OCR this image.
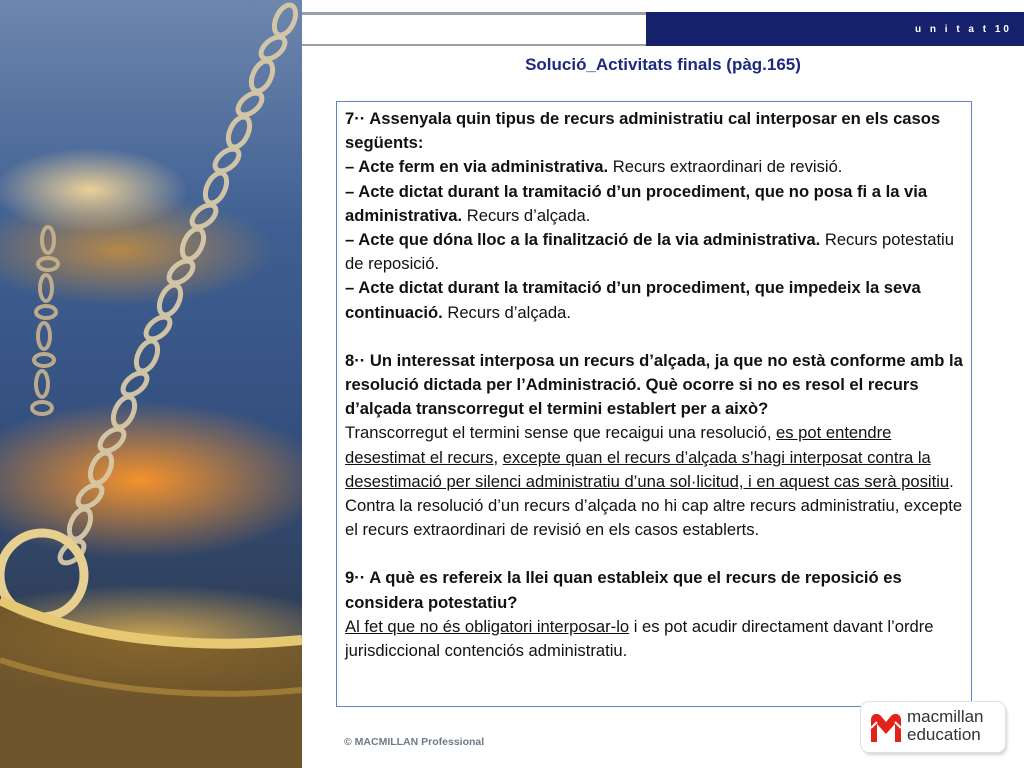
u n i t a t 10
Solució_Activitats finals (pàg.165)

7·· Assenyala quin tipus de recurs administratiu cal interposar en els casos següents:

– Acte ferm en via administrativa. Recurs extraordinari de revisió.

– Acte dictat durant la tramitació d’un procediment, que no posa fi a la via administrativa. Recurs d’alçada.

– Acte que dóna lloc a la finalització de la via administrativa. Recurs potestatiu de reposició.

– Acte dictat durant la tramitació d’un procediment, que impedeix la seva continuació. Recurs d’alçada.

8·· Un interessat interposa un recurs d’alçada, ja que no està conforme amb la resolució dictada per l’Administració. Què ocorre si no es resol el recurs d’alçada transcorregut el termini establert per a això?

Transcorregut el termini sense que recaigui una resolució, es pot entendre desestimat el recurs, excepte quan el recurs d’alçada s’hagi interposat contra la desestimació per silenci administratiu d’una sol·licitud, i en aquest cas serà positiu. Contra la resolució d’un recurs d’alçada no hi cap altre recurs administratiu, excepte el recurs extraordinari de revisió en els casos establerts.

9·· A què es refereix la llei quan estableix que el recurs de reposició es considera potestatiu?

Al fet que no és obligatori interposar-lo i es pot acudir directament davant l’ordre jurisdiccional contenciós administratiu.

© MACMILLAN Professional
macmillan
education
